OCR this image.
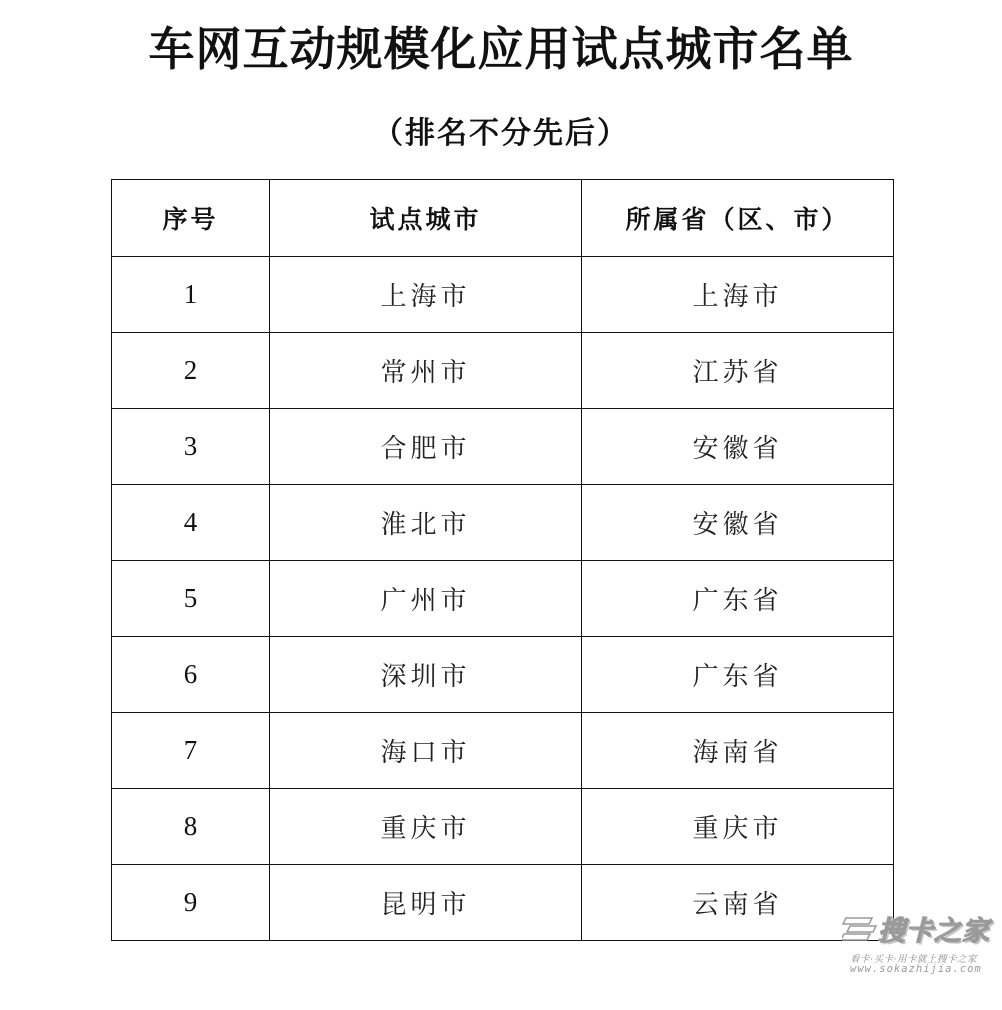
车网互动规模化应用试点城市名单
（排名不分先后）
序号	试点城市	所属省（区、市）
1	上海市	上海市
2	常州市	江苏省
3	合肥市	安徽省
4	淮北市	安徽省
5	广州市	广东省
6	深圳市	广东省
7	海口市	海南省
8	重庆市	重庆市
9	昆明市	云南省
搜卡之家
看卡·买卡·用卡就上搜卡之家
www.sokazhijia.com
